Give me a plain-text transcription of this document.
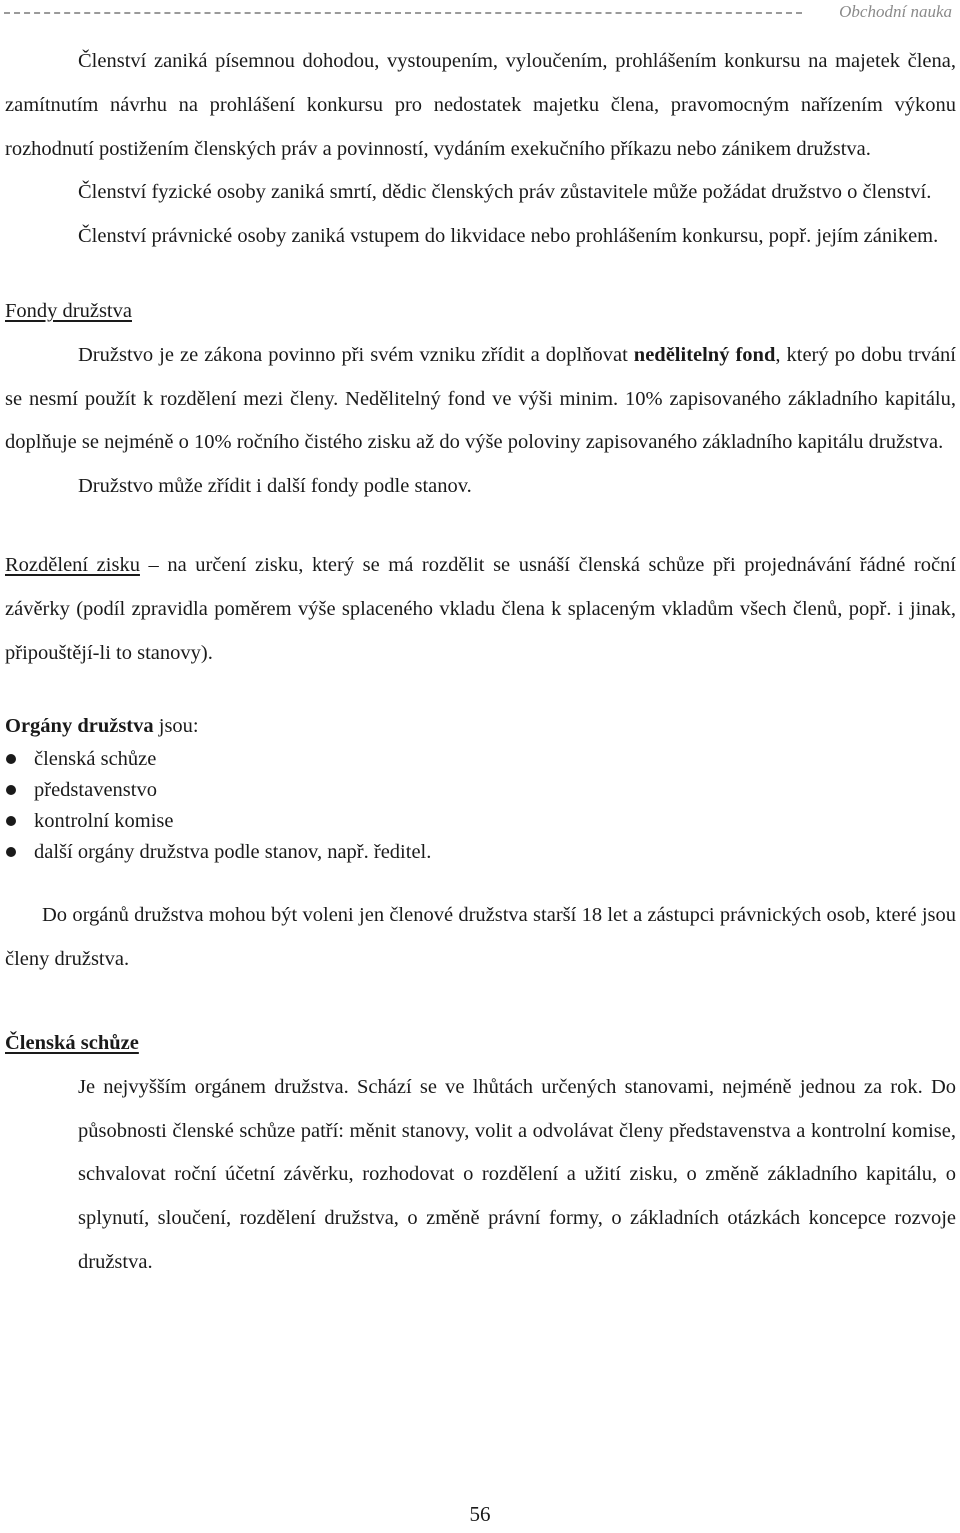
Obchodní nauka

Členství zaniká písemnou dohodou, vystoupením, vyloučením, prohlášením konkursu na majetek člena, zamítnutím návrhu na prohlášení konkursu pro nedostatek majetku člena, pravomocným nařízením výkonu rozhodnutí postižením členských práv a povinností, vydáním exekučního příkazu nebo zánikem družstva.

Členství fyzické osoby zaniká smrtí, dědic členských práv zůstavitele může požádat družstvo o členství.

Členství právnické osoby zaniká vstupem do likvidace nebo prohlášením konkursu, popř. jejím zánikem.

Fondy družstva

Družstvo je ze zákona povinno při svém vzniku zřídit a doplňovat nedělitelný fond, který po dobu trvání se nesmí použít k rozdělení mezi členy. Nedělitelný fond ve výši minim. 10% zapisovaného základního kapitálu, doplňuje se nejméně o 10% ročního čistého zisku až do výše poloviny zapisovaného základního kapitálu družstva.

Družstvo může zřídit i další fondy podle stanov.

Rozdělení zisku – na určení zisku, který se má rozdělit se usnáší členská schůze při projednávání řádné roční závěrky (podíl zpravidla poměrem výše splaceného vkladu člena k splaceným vkladům všech členů, popř. i jinak, připouštějí-li to stanovy).

Orgány družstva jsou:

členská schůze
představenstvo
kontrolní komise
další orgány družstva podle stanov, např. ředitel.

Do orgánů družstva mohou být voleni jen členové družstva starší 18 let a zástupci právnických osob, které jsou členy družstva.

Členská schůze

Je nejvyšším orgánem družstva. Schází se ve lhůtách určených stanovami, nejméně jednou za rok. Do působnosti členské schůze patří: měnit stanovy, volit a odvolávat členy představenstva a kontrolní komise, schvalovat roční účetní závěrku, rozhodovat o rozdělení a užití zisku, o změně základního kapitálu, o splynutí, sloučení, rozdělení družstva, o změně právní formy, o základních otázkách koncepce rozvoje družstva.

56
